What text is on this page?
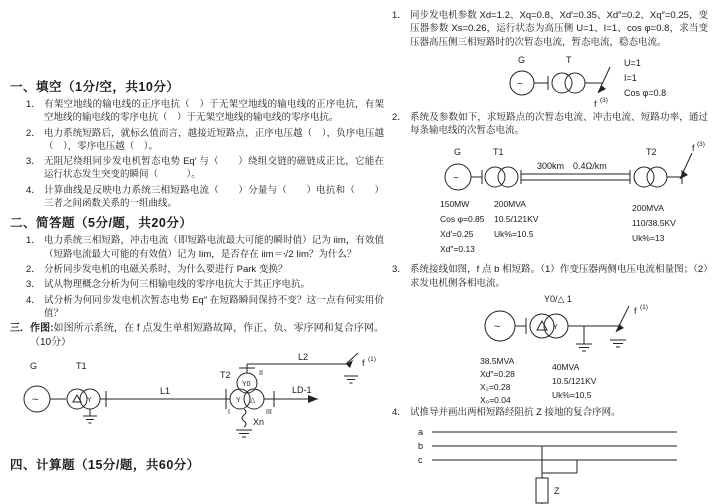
一、填空（1分/空，共10分）
1． 有架空地线的输电线的正序电抗（　）于无架空地线的输电线的正序电抗，有架空地线的输电线的零序电抗（　）于无架空地线的输电线的零序电抗。
2． 电力系统短路后，就标幺值而言，越接近短路点，正序电压越（　），负序电压越（　），零序电压越（　）。
3． 无阻尼绕组同步发电机暂态电势 Eq′ 与（　　）绕组交链的磁链成正比，它能在运行状态发生突变的瞬间（　　　）。
4． 计算曲线是反映电力系统三相短路电流（　　）分量与（　　）电抗和（　　）三者之间函数关系的一组曲线。
二、简答题（5分/题，共20分）
1． 电力系统三相短路，冲击电流（即短路电流最大可能的瞬时值）记为 iim，有效值（短路电流最大可能的有效值）记为 Iim，是否存在 iim＝√2 Iim？为什么？
2． 分析同步发电机的电磁关系时，为什么要进行 Park 变换？
3． 试从物理概念分析为何三相输电线的零序电抗大于其正序电抗。
4． 试分析为何同步发电机次暂态电势 Eq″ 在短路瞬间保持不变？这一点有何实用价值？
三. 作图:如图所示系统，在 f 点发生单相短路故障，作正、负、零序网和复合序网。（10分）
G
~
T1
Y
L1
T2
Y0
Y △
II
I	III
L2
f (1)
LD-1
Xn
四、计算题（15分/题，共60分）
1． 同步发电机参数 Xd=1.2、Xq=0.8、Xd′=0.35、Xd″=0.2、Xq″=0.25，变压器参数 Xs=0.26，运行状态为高压侧 U=1、I=1、cos φ=0.8，求当变压器高压侧三相短路时的次暂态电流，暂态电流，稳态电流。
G
~
T
f (3)
U=1
I=1
Cos φ=0.8
2． 系统及参数如下，求短路点的次暂态电流、冲击电流、短路功率，通过每条输电线的次暂态电流。
G
~
T1
300km　0.4Ω/km
T2	f (3)
150MW
Cos φ=0.85
Xd′=0.25
Xd″=0.13
200MVA
10.5/121KV
Uk%=10.5
200MVA
110/38.5KV
Uk%=13
3． 系统接线如图，f 点 b 相短路。（1）作变压器两侧电压电流相量图；（2）求发电机侧各相电流。
Y0/△ 1
~	Y
f (1)
38.5MVA
Xd″=0.28
X₂=0.28
X₀=0.04
40MVA
10.5/121KV
Uk%=10.5
4． 试推导并画出两相短路经阻抗 Z 接地的复合序网。
a
b
c
Z
